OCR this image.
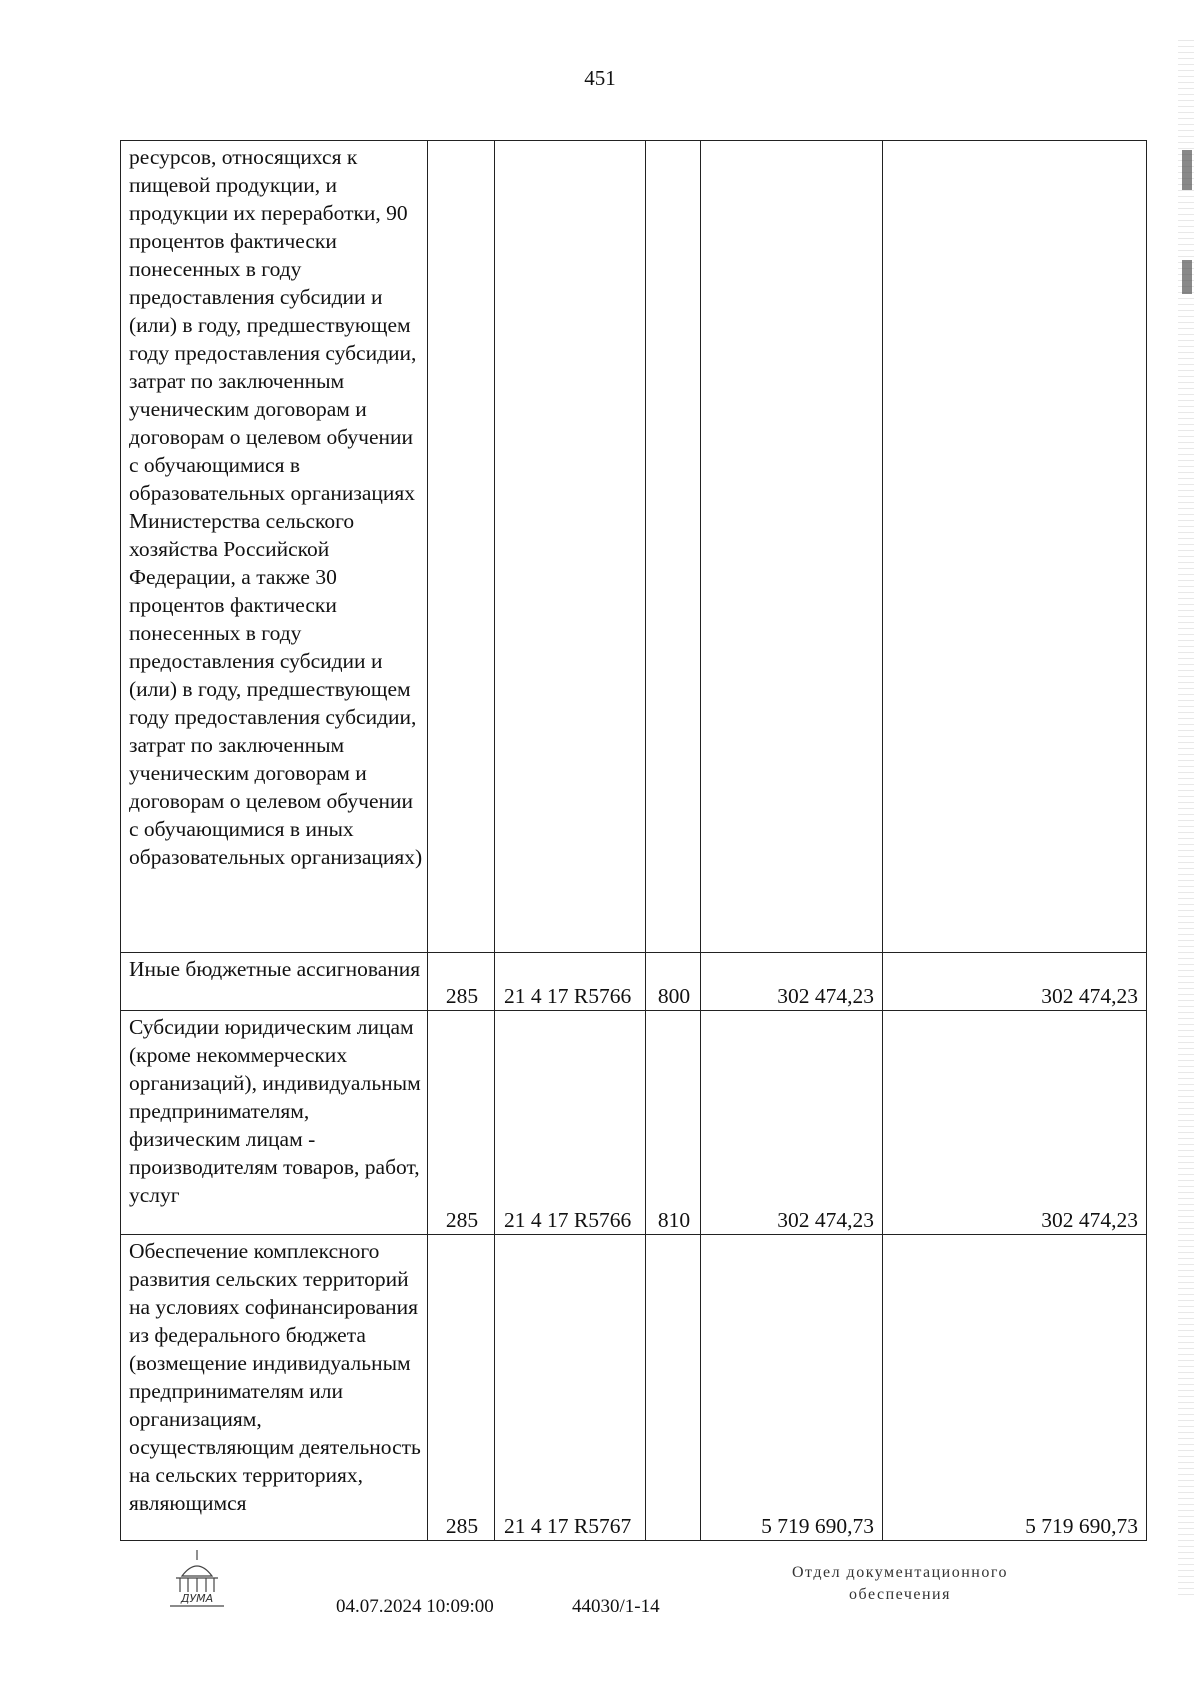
451
ресурсов, относящихся к пищевой продукции, и продукции их переработки, 90 процентов фактически понесенных в году предоставления субсидии и (или) в году, предшествующем году предоставления субсидии, затрат по заключенным ученическим договорам и договорам о целевом обучении с обучающимися в образовательных организациях Министерства сельского хозяйства Российской Федерации, а также 30 процентов фактически понесенных в году предоставления субсидии и (или) в году, предшествующем году предоставления субсидии, затрат по заключенным ученическим договорам и договорам о целевом обучении с обучающимися в иных образовательных организациях)					
Иные бюджетные ассигнования	285	21 4 17 R5766	800	302 474,23	302 474,23
Субсидии юридическим лицам (кроме некоммерческих организаций), индивидуальным предпринимателям, физическим лицам - производителям товаров, работ, услуг	285	21 4 17 R5766	810	302 474,23	302 474,23
Обеспечение комплексного развития сельских территорий на условиях софинансирования из федерального бюджета (возмещение индивидуальным предпринимателям или организациям, осуществляющим деятельность на сельских территориях, являющимся	285	21 4 17 R5767		5 719 690,73	5 719 690,73
ДУМА	04.07.2024 10:09:00	44030/1-14
Отдел документационного
обеспечения
